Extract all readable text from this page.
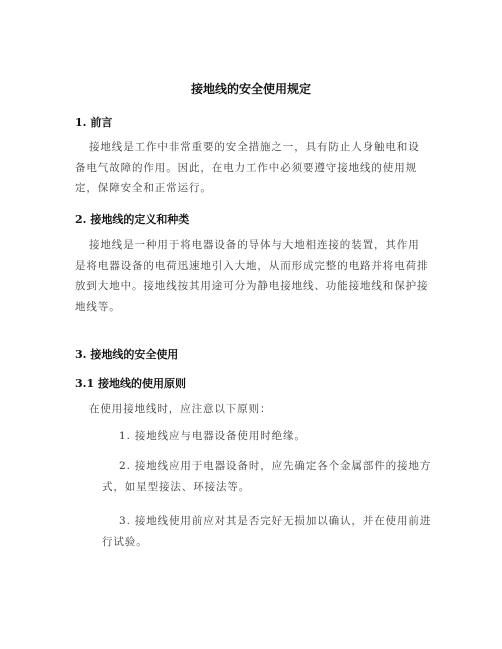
接地线的安全使用规定
1. 前言

接地线是工作中非常重要的安全措施之一，具有防止人身触电和设备电气故障的作用。因此，在电力工作中必须要遵守接地线的使用规定，保障安全和正常运行。

2. 接地线的定义和种类

接地线是一种用于将电器设备的导体与大地相连接的装置，其作用是将电器设备的电荷迅速地引入大地，从而形成完整的电路并将电荷排放到大地中。接地线按其用途可分为静电接地线、功能接地线和保护接地线等。

3. 接地线的安全使用
3.1 接地线的使用原则

在使用接地线时，应注意以下原则：

1. 接地线应与电器设备使用时绝缘。

2. 接地线应用于电器设备时，应先确定各个金属部件的接地方式，如星型接法、环接法等。

3. 接地线使用前应对其是否完好无损加以确认，并在使用前进行试验。
